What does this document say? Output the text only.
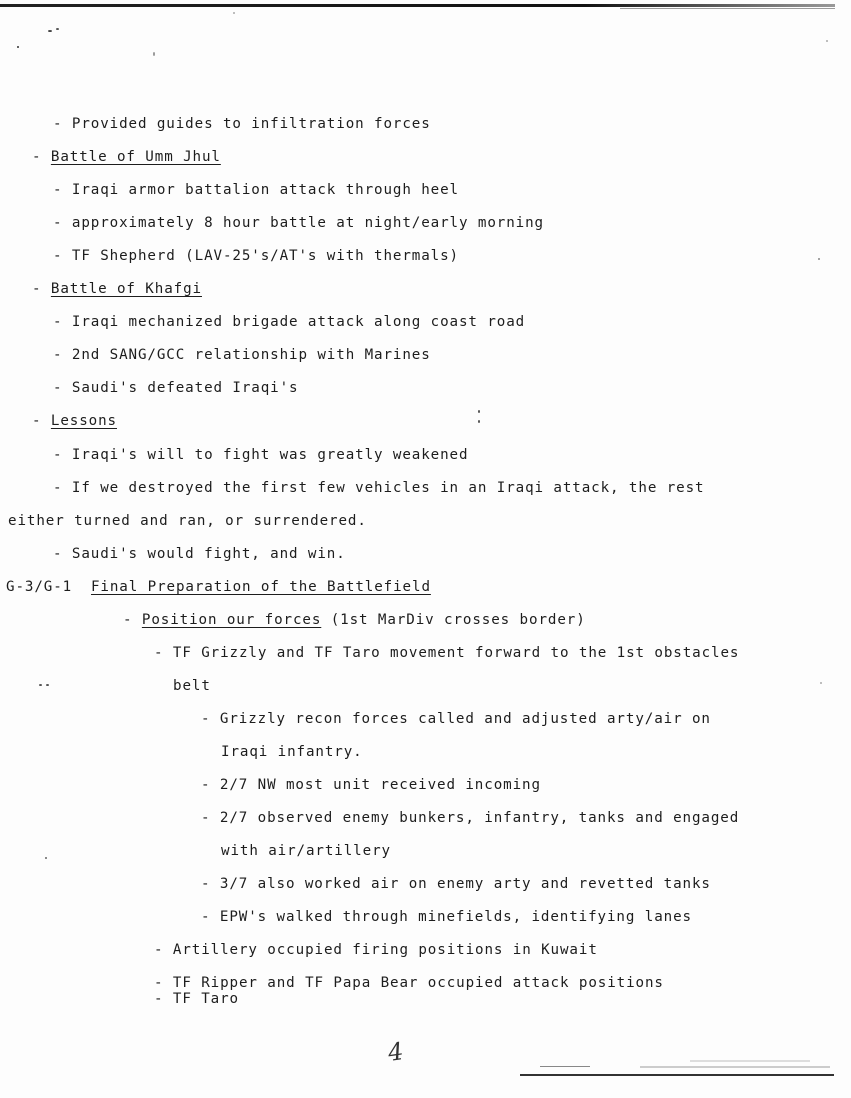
- Provided guides to infiltration forces
- Battle of Umm Jhul
- Iraqi armor battalion attack through heel
- approximately 8 hour battle at night/early morning
- TF Shepherd (LAV-25's/AT's with thermals)
- Battle of Khafgi
- Iraqi mechanized brigade attack along coast road
- 2nd SANG/GCC relationship with Marines
- Saudi's defeated Iraqi's
- Lessons
- Iraqi's will to fight was greatly weakened
- If we destroyed the first few vehicles in an Iraqi attack, the rest
either turned and ran, or surrendered.
- Saudi's would fight, and win.
G-3/G-1 Final Preparation of the Battlefield
- Position our forces (1st MarDiv crosses border)
- TF Grizzly and TF Taro movement forward to the 1st obstacles
belt
- Grizzly recon forces called and adjusted arty/air on
Iraqi infantry.
- 2/7 NW most unit received incoming
- 2/7 observed enemy bunkers, infantry, tanks and engaged
with air/artillery
- 3/7 also worked air on enemy arty and revetted tanks
- EPW's walked through minefields, identifying lanes
- Artillery occupied firing positions in Kuwait
- TF Ripper and TF Papa Bear occupied attack positions
- TF Taro
4
